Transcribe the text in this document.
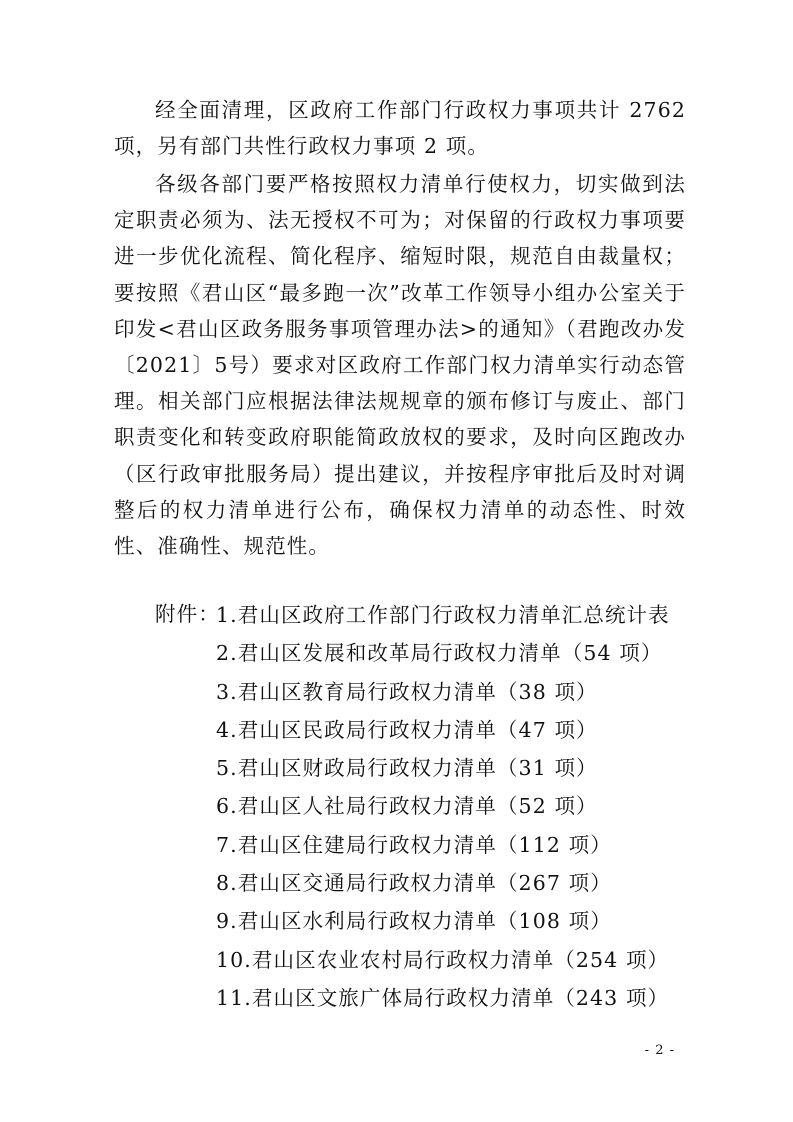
经全面清理，区政府工作部门行政权力事项共计 2762 项，另有部门共性行政权力事项 2 项。

各级各部门要严格按照权力清单行使权力，切实做到法定职责必须为、法无授权不可为；对保留的行政权力事项要进一步优化流程、简化程序、缩短时限，规范自由裁量权；要按照《君山区“最多跑一次”改革工作领导小组办公室关于印发<君山区政务服务事项管理办法>的通知》（君跑改办发〔2021〕5号）要求对区政府工作部门权力清单实行动态管理。相关部门应根据法律法规规章的颁布修订与废止、部门职责变化和转变政府职能简政放权的要求，及时向区跑改办（区行政审批服务局）提出建议，并按程序审批后及时对调整后的权力清单进行公布，确保权力清单的动态性、时效性、准确性、规范性。

附件：
1.君山区政府工作部门行政权力清单汇总统计表
2.君山区发展和改革局行政权力清单（54 项）
3.君山区教育局行政权力清单（38 项）
4.君山区民政局行政权力清单（47 项）
5.君山区财政局行政权力清单（31 项）
6.君山区人社局行政权力清单（52 项）
7.君山区住建局行政权力清单（112 项）
8.君山区交通局行政权力清单（267 项）
9.君山区水利局行政权力清单（108 项）
10.君山区农业农村局行政权力清单（254 项）
11.君山区文旅广体局行政权力清单（243 项）
- 2 -
